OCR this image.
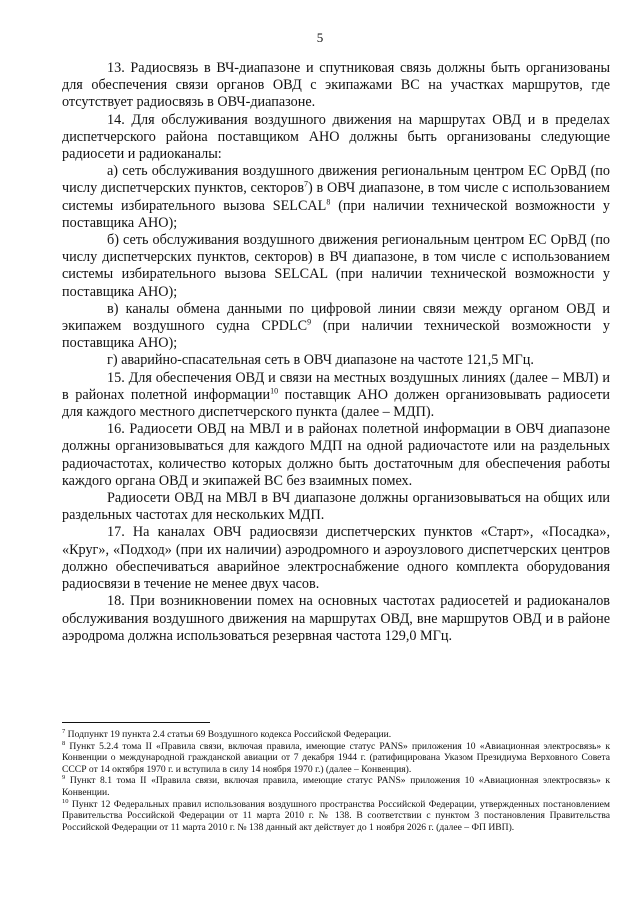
5

13. Радиосвязь в ВЧ-диапазоне и спутниковая связь должны быть организованы для обеспечения связи органов ОВД с экипажами ВС на участках маршрутов, где отсутствует радиосвязь в ОВЧ-диапазоне.

14. Для обслуживания воздушного движения на маршрутах ОВД и в пределах диспетчерского района поставщиком АНО должны быть организованы следующие радиосети и радиоканалы:

а) сеть обслуживания воздушного движения региональным центром ЕС ОрВД (по числу диспетчерских пунктов, секторов$^7$) в ОВЧ диапазоне, в том числе с использованием системы избирательного вызова SELCAL$^8$ (при наличии технической возможности у поставщика АНО);

б) сеть обслуживания воздушного движения региональным центром ЕС ОрВД (по числу диспетчерских пунктов, секторов) в ВЧ диапазоне, в том числе с использованием системы избирательного вызова SELCAL (при наличии технической возможности у поставщика АНО);

в) каналы обмена данными по цифровой линии связи между органом ОВД и экипажем воздушного судна CPDLC$^9$ (при наличии технической возможности у поставщика АНО);

г) аварийно-спасательная сеть в ОВЧ диапазоне на частоте 121,5 МГц.

15. Для обеспечения ОВД и связи на местных воздушных линиях (далее – МВЛ) и в районах полетной информации$^{10}$ поставщик АНО должен организовывать радиосети для каждого местного диспетчерского пункта (далее – МДП).

16. Радиосети ОВД на МВЛ и в районах полетной информации в ОВЧ диапазоне должны организовываться для каждого МДП на одной радиочастоте или на раздельных радиочастотах, количество которых должно быть достаточным для обеспечения работы каждого органа ОВД и экипажей ВС без взаимных помех.

Радиосети ОВД на МВЛ в ВЧ диапазоне должны организовываться на общих или раздельных частотах для нескольких МДП.

17. На каналах ОВЧ радиосвязи диспетчерских пунктов «Старт», «Посадка», «Круг», «Подход» (при их наличии) аэродромного и аэроузлового диспетчерских центров должно обеспечиваться аварийное электроснабжение одного комплекта оборудования радиосвязи в течение не менее двух часов.

18. При возникновении помех на основных частотах радиосетей и радиоканалов обслуживания воздушного движения на маршрутах ОВД, вне маршрутов ОВД и в районе аэродрома должна использоваться резервная частота 129,0 МГц.

$^7$ Подпункт 19 пункта 2.4 статьи 69 Воздушного кодекса Российской Федерации.

$^8$ Пункт 5.2.4 тома II «Правила связи, включая правила, имеющие статус PANS» приложения 10 «Авиационная электросвязь» к Конвенции о международной гражданской авиации от 7 декабря 1944 г. (ратифицирована Указом Президиума Верховного Совета СССР от 14 октября 1970 г. и вступила в силу 14 ноября 1970 г.) (далее – Конвенция).

$^9$ Пункт 8.1 тома II «Правила связи, включая правила, имеющие статус PANS» приложения 10 «Авиационная электросвязь» к Конвенции.

$^{10}$ Пункт 12 Федеральных правил использования воздушного пространства Российской Федерации, утвержденных постановлением Правительства Российской Федерации от 11 марта 2010 г. № 138. В соответствии с пунктом 3 постановления Правительства Российской Федерации от 11 марта 2010 г. № 138 данный акт действует до 1 ноября 2026 г. (далее – ФП ИВП).
